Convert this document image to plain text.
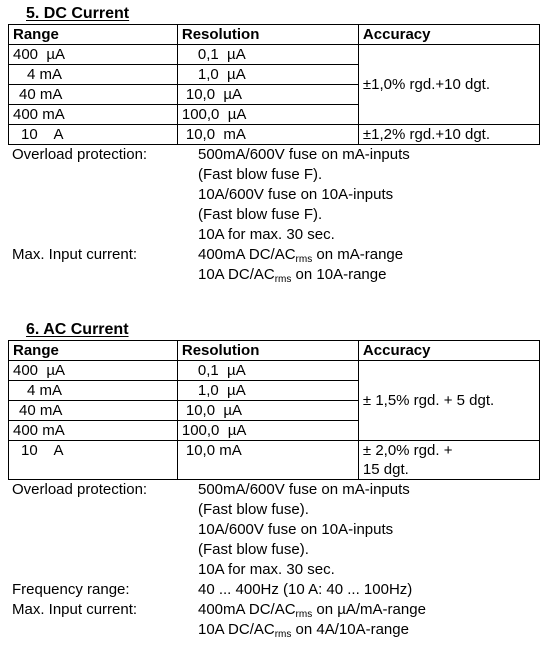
5. DC Current
Range	Resolution	Accuracy
400  µA	0,1  µA	±1,0% rgd.+10 dgt.
4 mA	1,0  µA	
40 mA	10,0  µA	
400 mA	100,0  µA	
10    A	10,0  mA	±1,2% rgd.+10 dgt.
Overload protection:	500mA/600V fuse on mA-inputs
(Fast blow fuse F).
10A/600V fuse on 10A-inputs
(Fast blow fuse F).
10A for max. 30 sec.
Max. Input current:	400mA $DC/AC_{rms}$ on mA-range
10A $DC/AC_{rms}$ on 10A-range
6. AC Current
Range	Resolution	Accuracy
400  µA	0,1  µA	± 1,5% rgd. + 5 dgt.
4 mA	1,0  µA	
40 mA	10,0  µA	
400 mA	100,0  µA	
10    A	10,0 mA	± 2,0% rgd. +
15 dgt.
Overload protection:	500mA/600V fuse on mA-inputs
(Fast blow fuse).
10A/600V fuse on 10A-inputs
(Fast blow fuse).
10A for max. 30 sec.
Frequency range:	40 ... 400Hz (10 A: 40 ... 100Hz)
Max. Input current:	400mA $DC/AC_{rms}$ on µA/mA-range
10A $DC/AC_{rms}$ on 4A/10A-range
